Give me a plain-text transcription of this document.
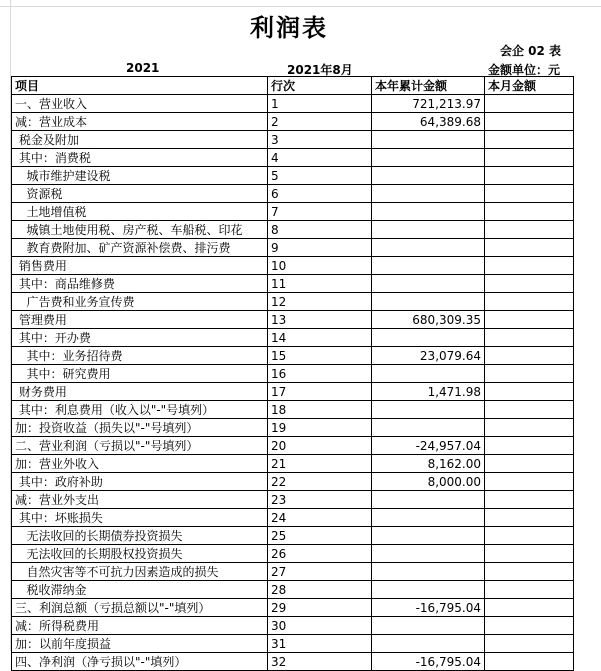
利润表
会企 02 表
金额单位：元
2021	2021年8月
项目	行次	本年累计金额	本月金额
一、营业收入	1	721,213.97	
减：营业成本	2	64,389.68	
税金及附加	3		
其中：消费税	4		
城市维护建设税	5		
资源税	6		
土地增值税	7		
城镇土地使用税、房产税、车船税、印花	8		
教育费附加、矿产资源补偿费、排污费	9		
销售费用	10		
其中：商品维修费	11		
广告费和业务宣传费	12		
管理费用	13	680,309.35	
其中：开办费	14		
其中：业务招待费	15	23,079.64	
其中：研究费用	16		
财务费用	17	1,471.98	
其中：利息费用（收入以"-"号填列）	18		
加：投资收益（损失以"-"号填列）	19		
二、营业利润（亏损以"-"号填列）	20	-24,957.04	
加：营业外收入	21	8,162.00	
其中：政府补助	22	8,000.00	
减：营业外支出	23		
其中：坏账损失	24		
无法收回的长期债券投资损失	25		
无法收回的长期股权投资损失	26		
自然灾害等不可抗力因素造成的损失	27		
税收滞纳金	28		
三、利润总额（亏损总额以"-"填列）	29	-16,795.04	
减：所得税费用	30		
加：以前年度损益	31		
四、净利润（净亏损以"-"填列）	32	-16,795.04	
